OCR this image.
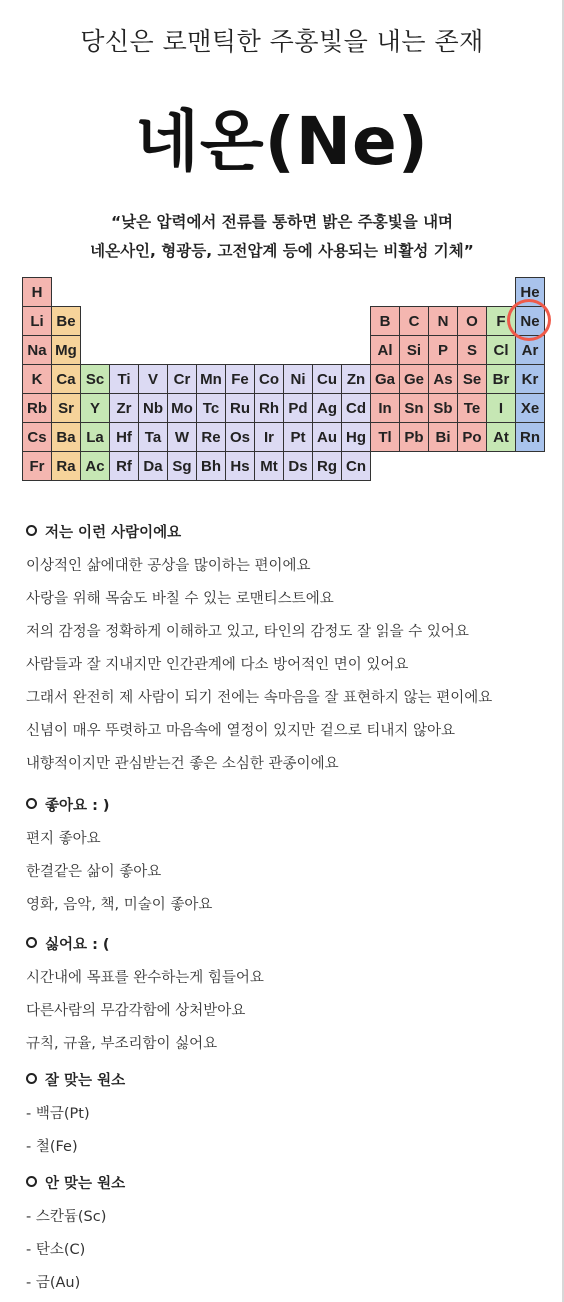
당신은 로맨틱한 주홍빛을 내는 존재
네온(Ne)
“낮은 압력에서 전류를 통하면 밝은 주홍빛을 내며
네온사인, 형광등, 고전압계 등에 사용되는 비활성 기체”
Cn
Rg
Ds
Mt
Hs
Bh
Sg
Da
Rf
Ac
Ra
Fr
Rn
At
Po
Bi
Pb
Tl
Hg
Au
Pt
Ir
Os
Re
W
Ta
Hf
La
Ba
Cs
Xe
I
Te
Sb
Sn
In
Cd
Ag
Pd
Rh
Ru
Tc
Mo
Nb
Zr
Y
Sr
Rb
Kr
Br
Se
As
Ge
Ga
Zn
Cu
Ni
Co
Fe
Mn
Cr
V
Ti
Sc
Ca
K
Ar
Cl
S
P
Si
Al
Mg
Na
Ne
F
O
N
C
B
Be
Li
He
H
저는 이런 사람이에요
이상적인 삶에대한 공상을 많이하는 편이에요
사랑을 위해 목숨도 바칠 수 있는 로맨티스트에요
저의 감정을 정확하게 이해하고 있고, 타인의 감정도 잘 읽을 수 있어요
사람들과 잘 지내지만 인간관계에 다소 방어적인 면이 있어요
그래서 완전히 제 사람이 되기 전에는 속마음을 잘 표현하지 않는 편이에요
신념이 매우 뚜렷하고 마음속에 열정이 있지만 겉으로 티내지 않아요
내향적이지만 관심받는건 좋은 소심한 관종이에요
좋아요 : )
편지 좋아요
한결같은 삶이 좋아요
영화, 음악, 책, 미술이 좋아요
싫어요 : (
시간내에 목표를 완수하는게 힘들어요
다른사람의 무감각함에 상처받아요
규칙, 규율, 부조리함이 싫어요
잘 맞는 원소
- 백금(Pt)
- 철(Fe)
안 맞는 원소
- 스칸듐(Sc)
- 탄소(C)
- 금(Au)
